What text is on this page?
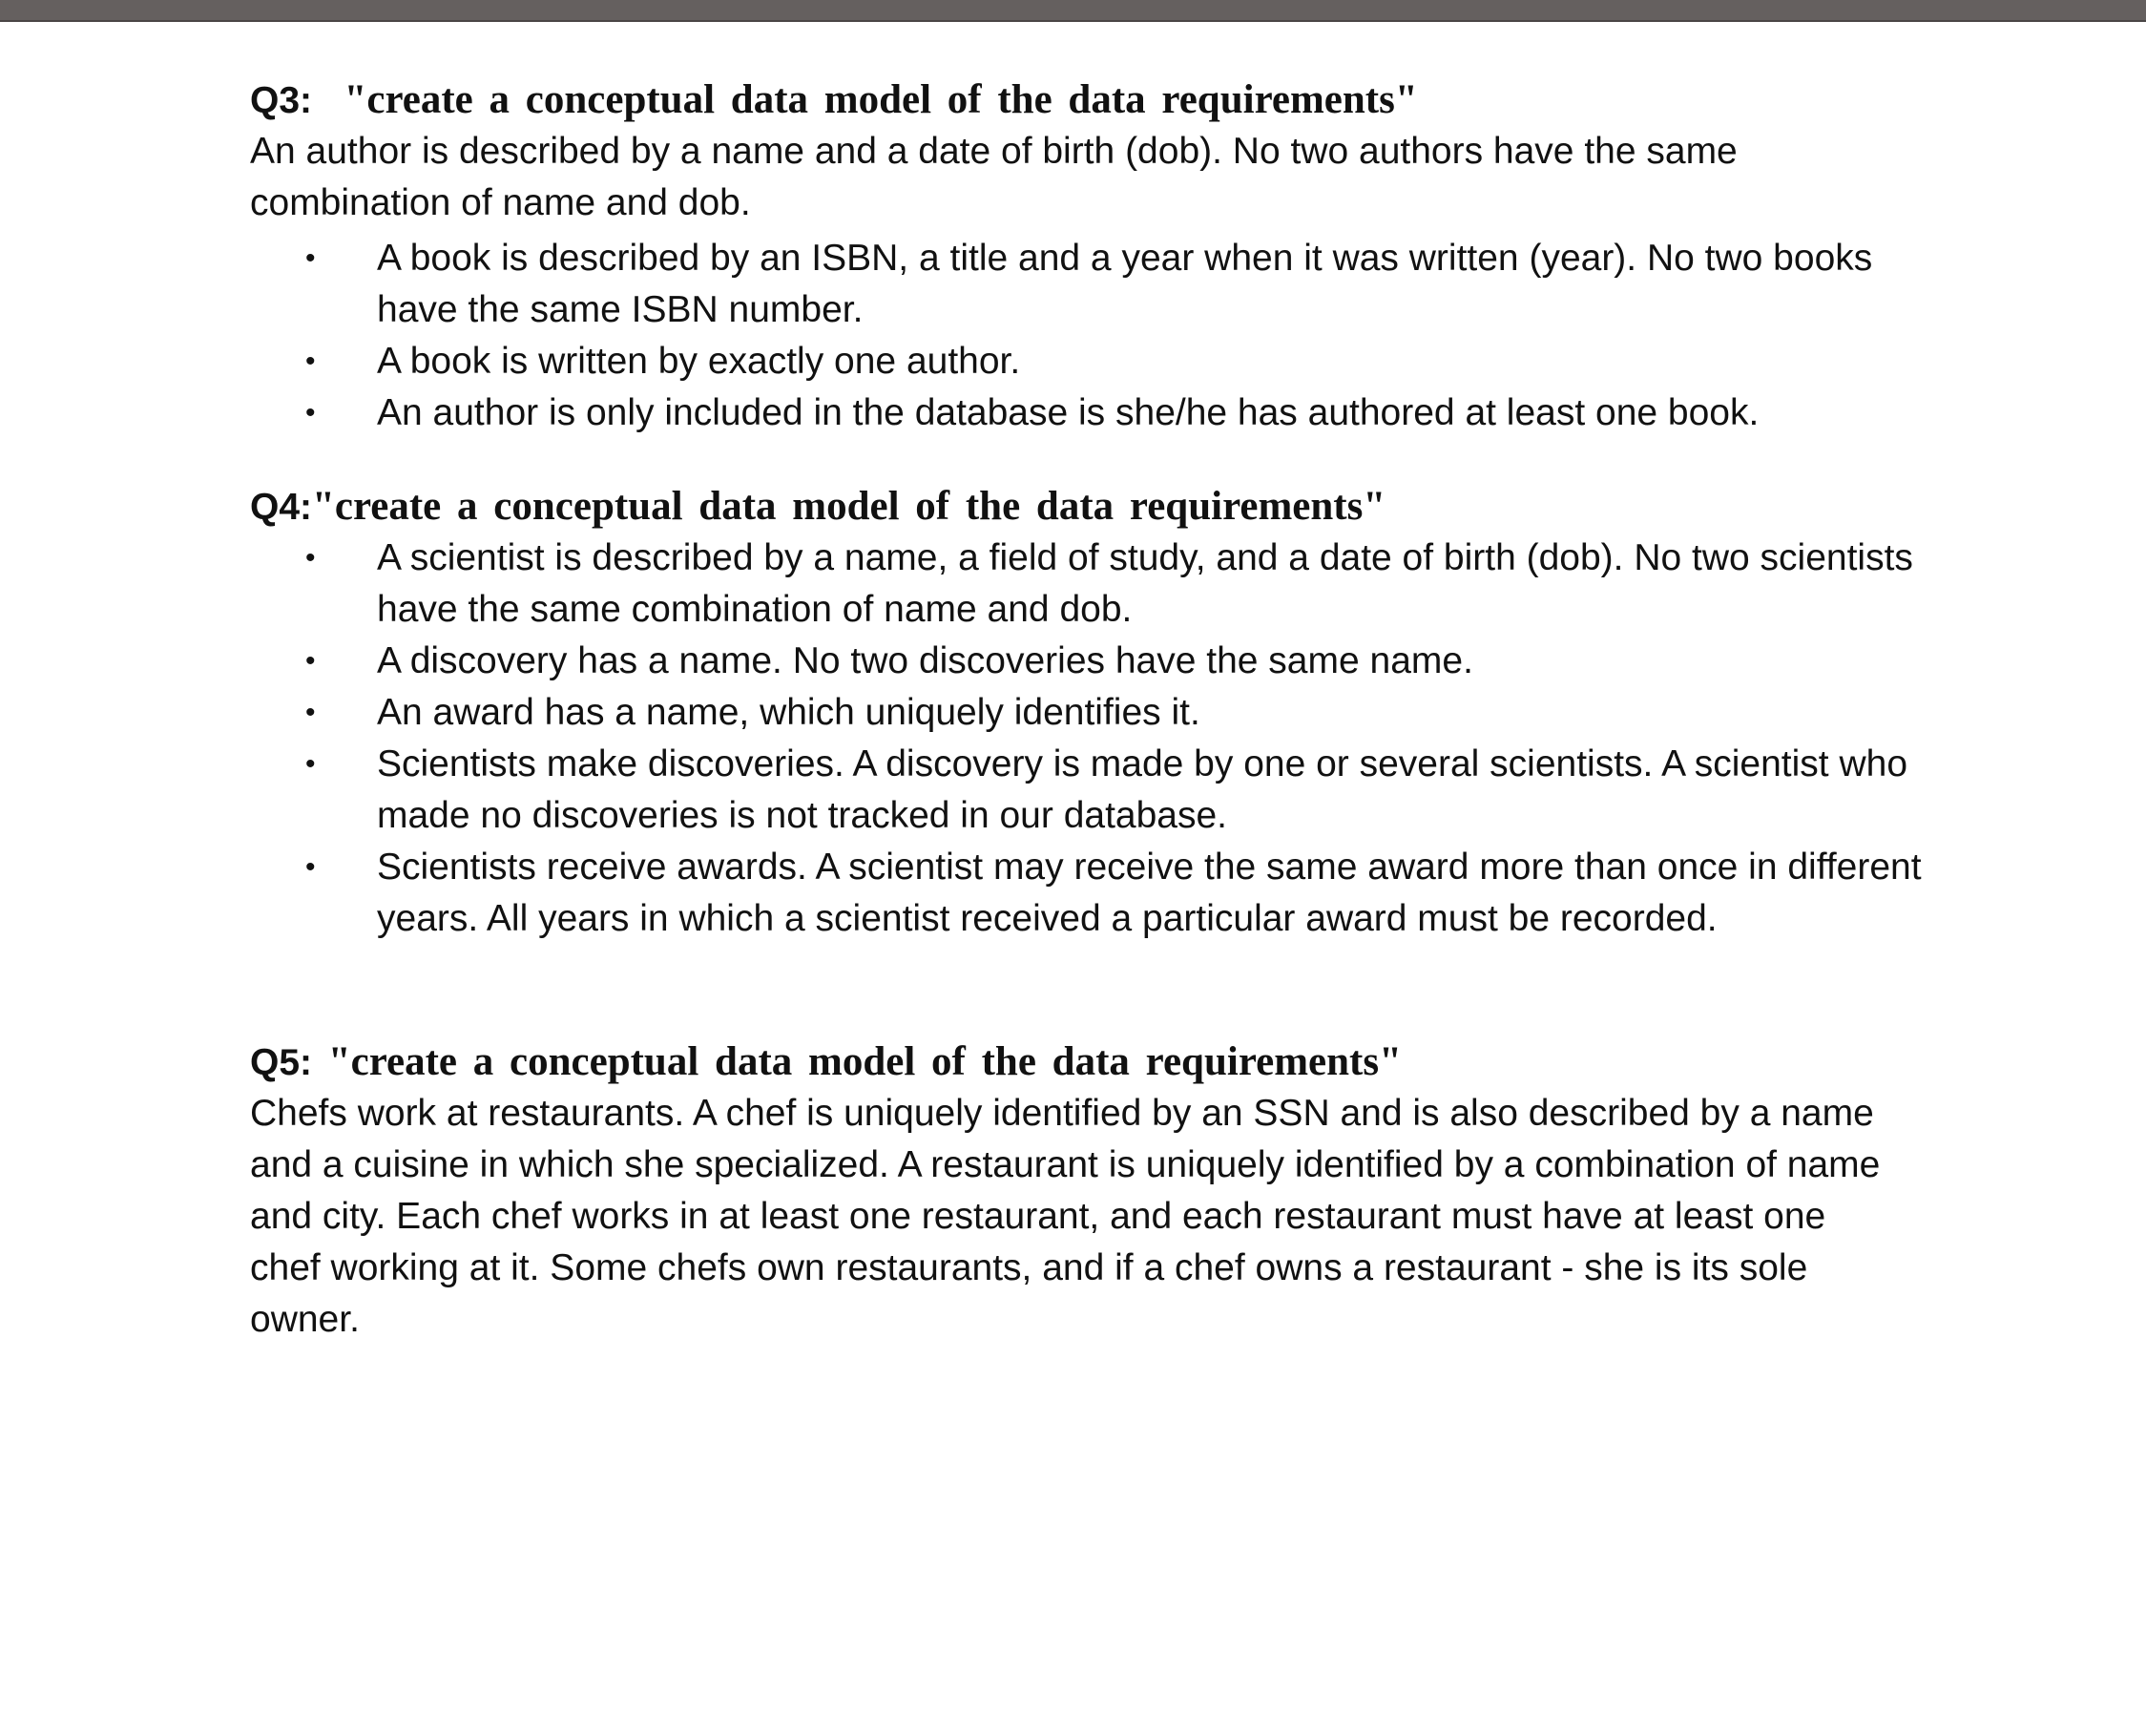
Q3: "create a conceptual data model of the data requirements"

An author is described by a name and a date of birth (dob). No two authors have the same combination of name and dob.

• A book is described by an ISBN, a title and a year when it was written (year). No two books have the same ISBN number.
• A book is written by exactly one author.
• An author is only included in the database is she/he has authored at least one book.
Q4:"create a conceptual data model of the data requirements"
• A scientist is described by a name, a field of study, and a date of birth (dob). No two scientists have the same combination of name and dob.
• A discovery has a name. No two discoveries have the same name.
• An award has a name, which uniquely identifies it.
• Scientists make discoveries. A discovery is made by one or several scientists. A scientist who made no discoveries is not tracked in our database.
• Scientists receive awards. A scientist may receive the same award more than once in different years. All years in which a scientist received a particular award must be recorded.
Q5: "create a conceptual data model of the data requirements"

Chefs work at restaurants. A chef is uniquely identified by an SSN and is also described by a name and a cuisine in which she specialized. A restaurant is uniquely identified by a combination of name and city. Each chef works in at least one restaurant, and each restaurant must have at least one chef working at it. Some chefs own restaurants, and if a chef owns a restaurant - she is its sole owner.
